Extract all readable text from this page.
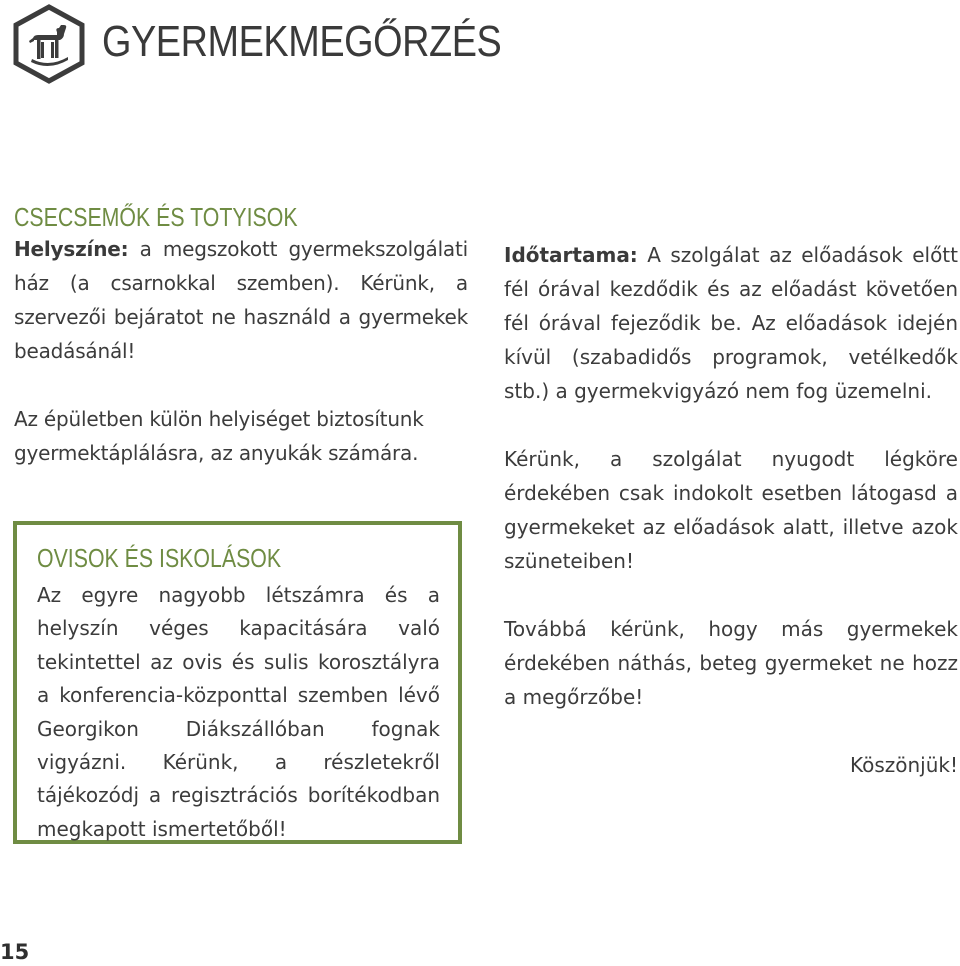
GYERMEKMEGŐRZÉS
CSECSEMŐK ÉS TOTYISOK

Helyszíne: a megszokott gyermekszolgálati ház (a csarnokkal szemben). Kérünk, a szervezői bejáratot ne használd a gyermekek beadásánál!

Az épületben külön helyiséget biztosítunk gyermektáplálásra, az anyukák számára.

OVISOK ÉS ISKOLÁSOK

Az egyre nagyobb létszámra és a helyszín véges kapacitására való tekintettel az ovis és sulis korosztályra a konferencia-központtal szemben lévő Georgikon Diákszállóban fognak vigyázni. Kérünk, a részletekről tájékozódj a regisztrációs borítékodban megkapott ismertetőből!

Időtartama: A szolgálat az előadások előtt fél órával kezdődik és az előadást követően fél órával fejeződik be. Az előadások idején kívül (szabadidős programok, vetélkedők stb.) a gyermekvigyázó nem fog üzemelni.

Kérünk, a szolgálat nyugodt légköre érdekében csak indokolt esetben látogasd a gyermekeket az előadások alatt, illetve azok szüneteiben!

Továbbá kérünk, hogy más gyermekek érdekében náthás, beteg gyermeket ne hozz a megőrzőbe!

Köszönjük!

15
